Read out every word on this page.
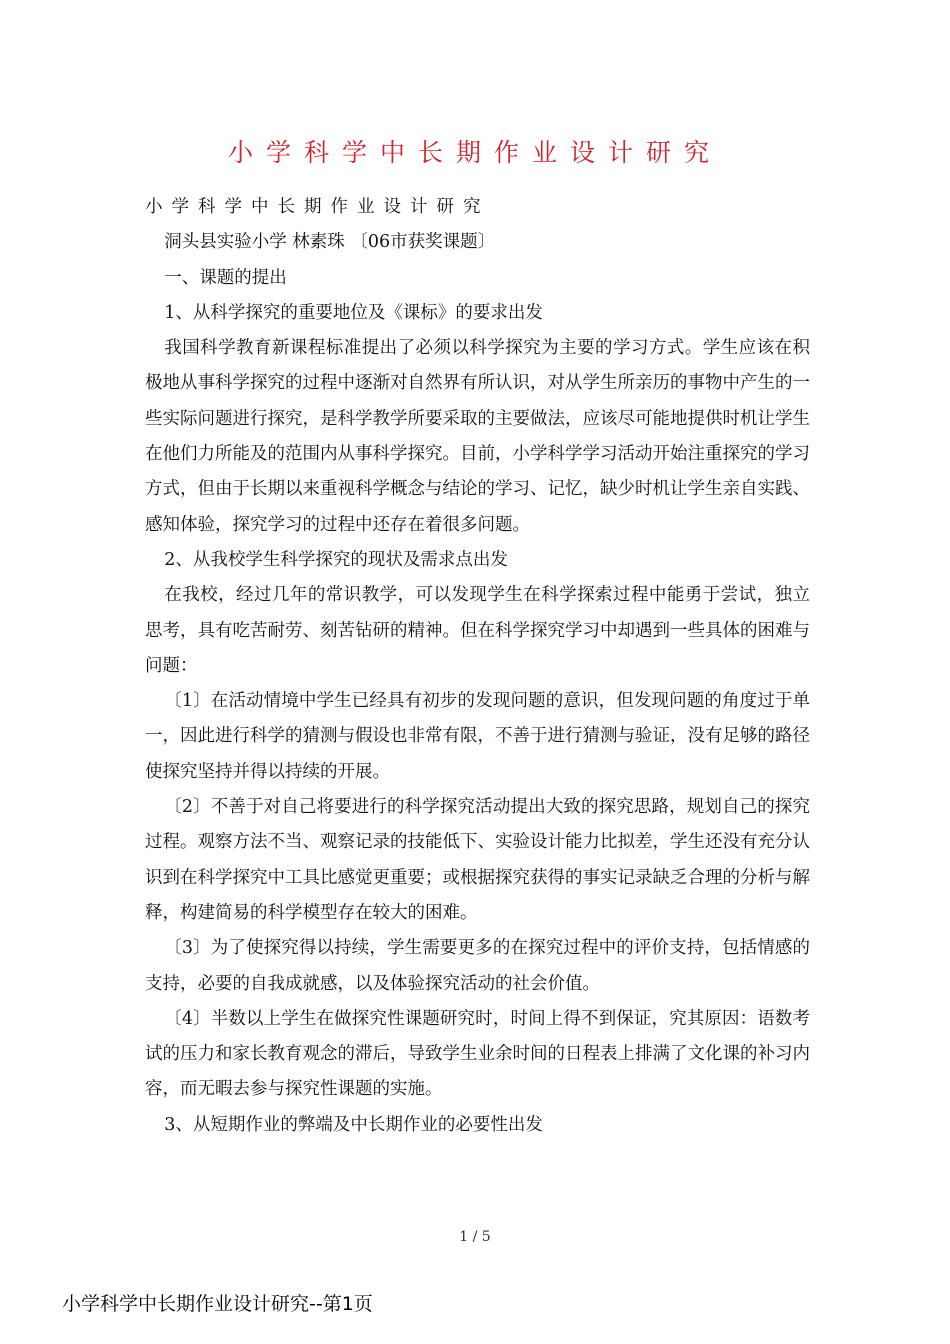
小学科学中长期作业设计研究

小学科学中长期作业设计研究

洞头县实验小学 林素珠 〔06市获奖课题〕

一、课题的提出

1、从科学探究的重要地位及《课标》的要求出发

我国科学教育新课程标准提出了必须以科学探究为主要的学习方式。学生应该在积极地从事科学探究的过程中逐渐对自然界有所认识，对从学生所亲历的事物中产生的一些实际问题进行探究，是科学教学所要采取的主要做法，应该尽可能地提供时机让学生在他们力所能及的范围内从事科学探究。目前，小学科学学习活动开始注重探究的学习方式，但由于长期以来重视科学概念与结论的学习、记忆，缺少时机让学生亲自实践、感知体验，探究学习的过程中还存在着很多问题。

2、从我校学生科学探究的现状及需求点出发

在我校，经过几年的常识教学，可以发现学生在科学探索过程中能勇于尝试，独立思考，具有吃苦耐劳、刻苦钻研的精神。但在科学探究学习中却遇到一些具体的困难与问题：

〔1〕在活动情境中学生已经具有初步的发现问题的意识，但发现问题的角度过于单一，因此进行科学的猜测与假设也非常有限，不善于进行猜测与验证，没有足够的路径使探究坚持并得以持续的开展。

〔2〕不善于对自己将要进行的科学探究活动提出大致的探究思路，规划自己的探究过程。观察方法不当、观察记录的技能低下、实验设计能力比拟差，学生还没有充分认识到在科学探究中工具比感觉更重要；或根据探究获得的事实记录缺乏合理的分析与解释，构建简易的科学模型存在较大的困难。

〔3〕为了使探究得以持续，学生需要更多的在探究过程中的评价支持，包括情感的支持，必要的自我成就感，以及体验探究活动的社会价值。

〔4〕半数以上学生在做探究性课题研究时，时间上得不到保证，究其原因：语数考试的压力和家长教育观念的滞后，导致学生业余时间的日程表上排满了文化课的补习内容，而无暇去参与探究性课题的实施。

3、从短期作业的弊端及中长期作业的必要性出发

1 / 5
小学科学中长期作业设计研究--第1页
